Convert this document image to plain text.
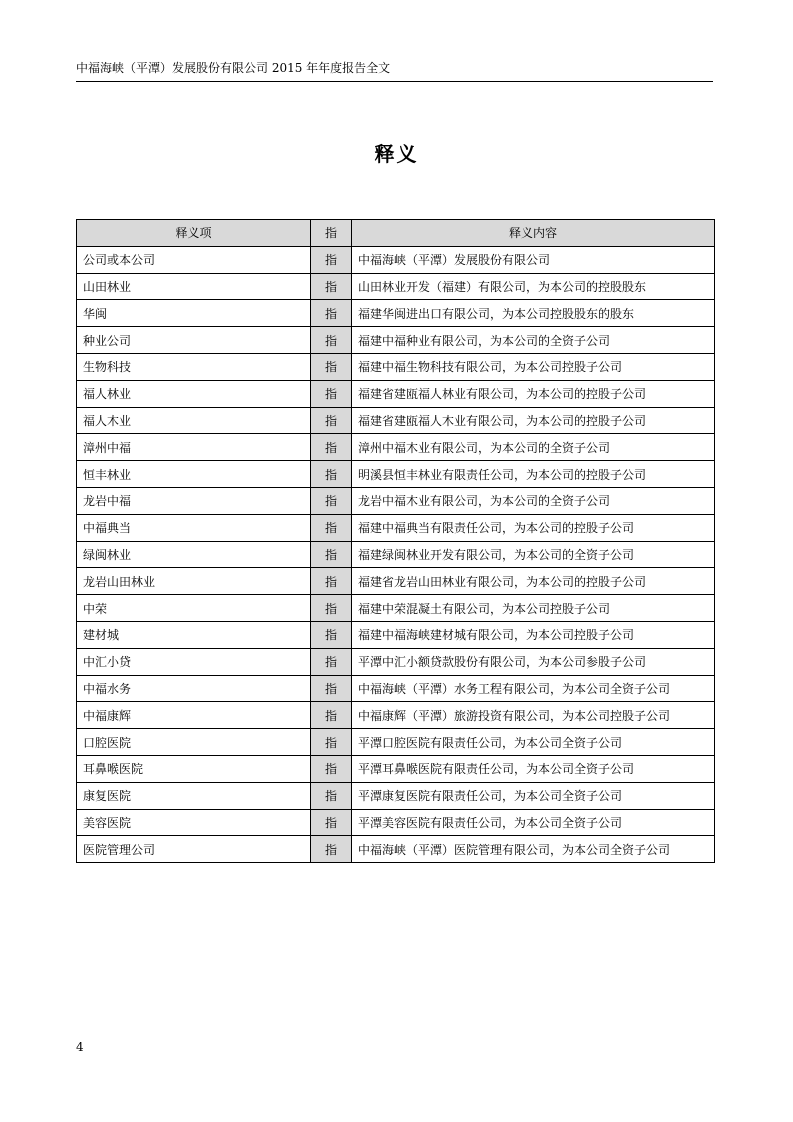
中福海峡（平潭）发展股份有限公司 2015 年年度报告全文
释义
释义项	指	释义内容
公司或本公司	指	中福海峡（平潭）发展股份有限公司
山田林业	指	山田林业开发（福建）有限公司，为本公司的控股股东
华闽	指	福建华闽进出口有限公司，为本公司控股股东的股东
种业公司	指	福建中福种业有限公司，为本公司的全资子公司
生物科技	指	福建中福生物科技有限公司，为本公司控股子公司
福人林业	指	福建省建瓯福人林业有限公司，为本公司的控股子公司
福人木业	指	福建省建瓯福人木业有限公司，为本公司的控股子公司
漳州中福	指	漳州中福木业有限公司，为本公司的全资子公司
恒丰林业	指	明溪县恒丰林业有限责任公司，为本公司的控股子公司
龙岩中福	指	龙岩中福木业有限公司，为本公司的全资子公司
中福典当	指	福建中福典当有限责任公司，为本公司的控股子公司
绿闽林业	指	福建绿闽林业开发有限公司，为本公司的全资子公司
龙岩山田林业	指	福建省龙岩山田林业有限公司，为本公司的控股子公司
中荣	指	福建中荣混凝土有限公司，为本公司控股子公司
建材城	指	福建中福海峡建材城有限公司，为本公司控股子公司
中汇小贷	指	平潭中汇小额贷款股份有限公司，为本公司参股子公司
中福水务	指	中福海峡（平潭）水务工程有限公司，为本公司全资子公司
中福康辉	指	中福康辉（平潭）旅游投资有限公司，为本公司控股子公司
口腔医院	指	平潭口腔医院有限责任公司，为本公司全资子公司
耳鼻喉医院	指	平潭耳鼻喉医院有限责任公司，为本公司全资子公司
康复医院	指	平潭康复医院有限责任公司，为本公司全资子公司
美容医院	指	平潭美容医院有限责任公司，为本公司全资子公司
医院管理公司	指	中福海峡（平潭）医院管理有限公司，为本公司全资子公司
4
